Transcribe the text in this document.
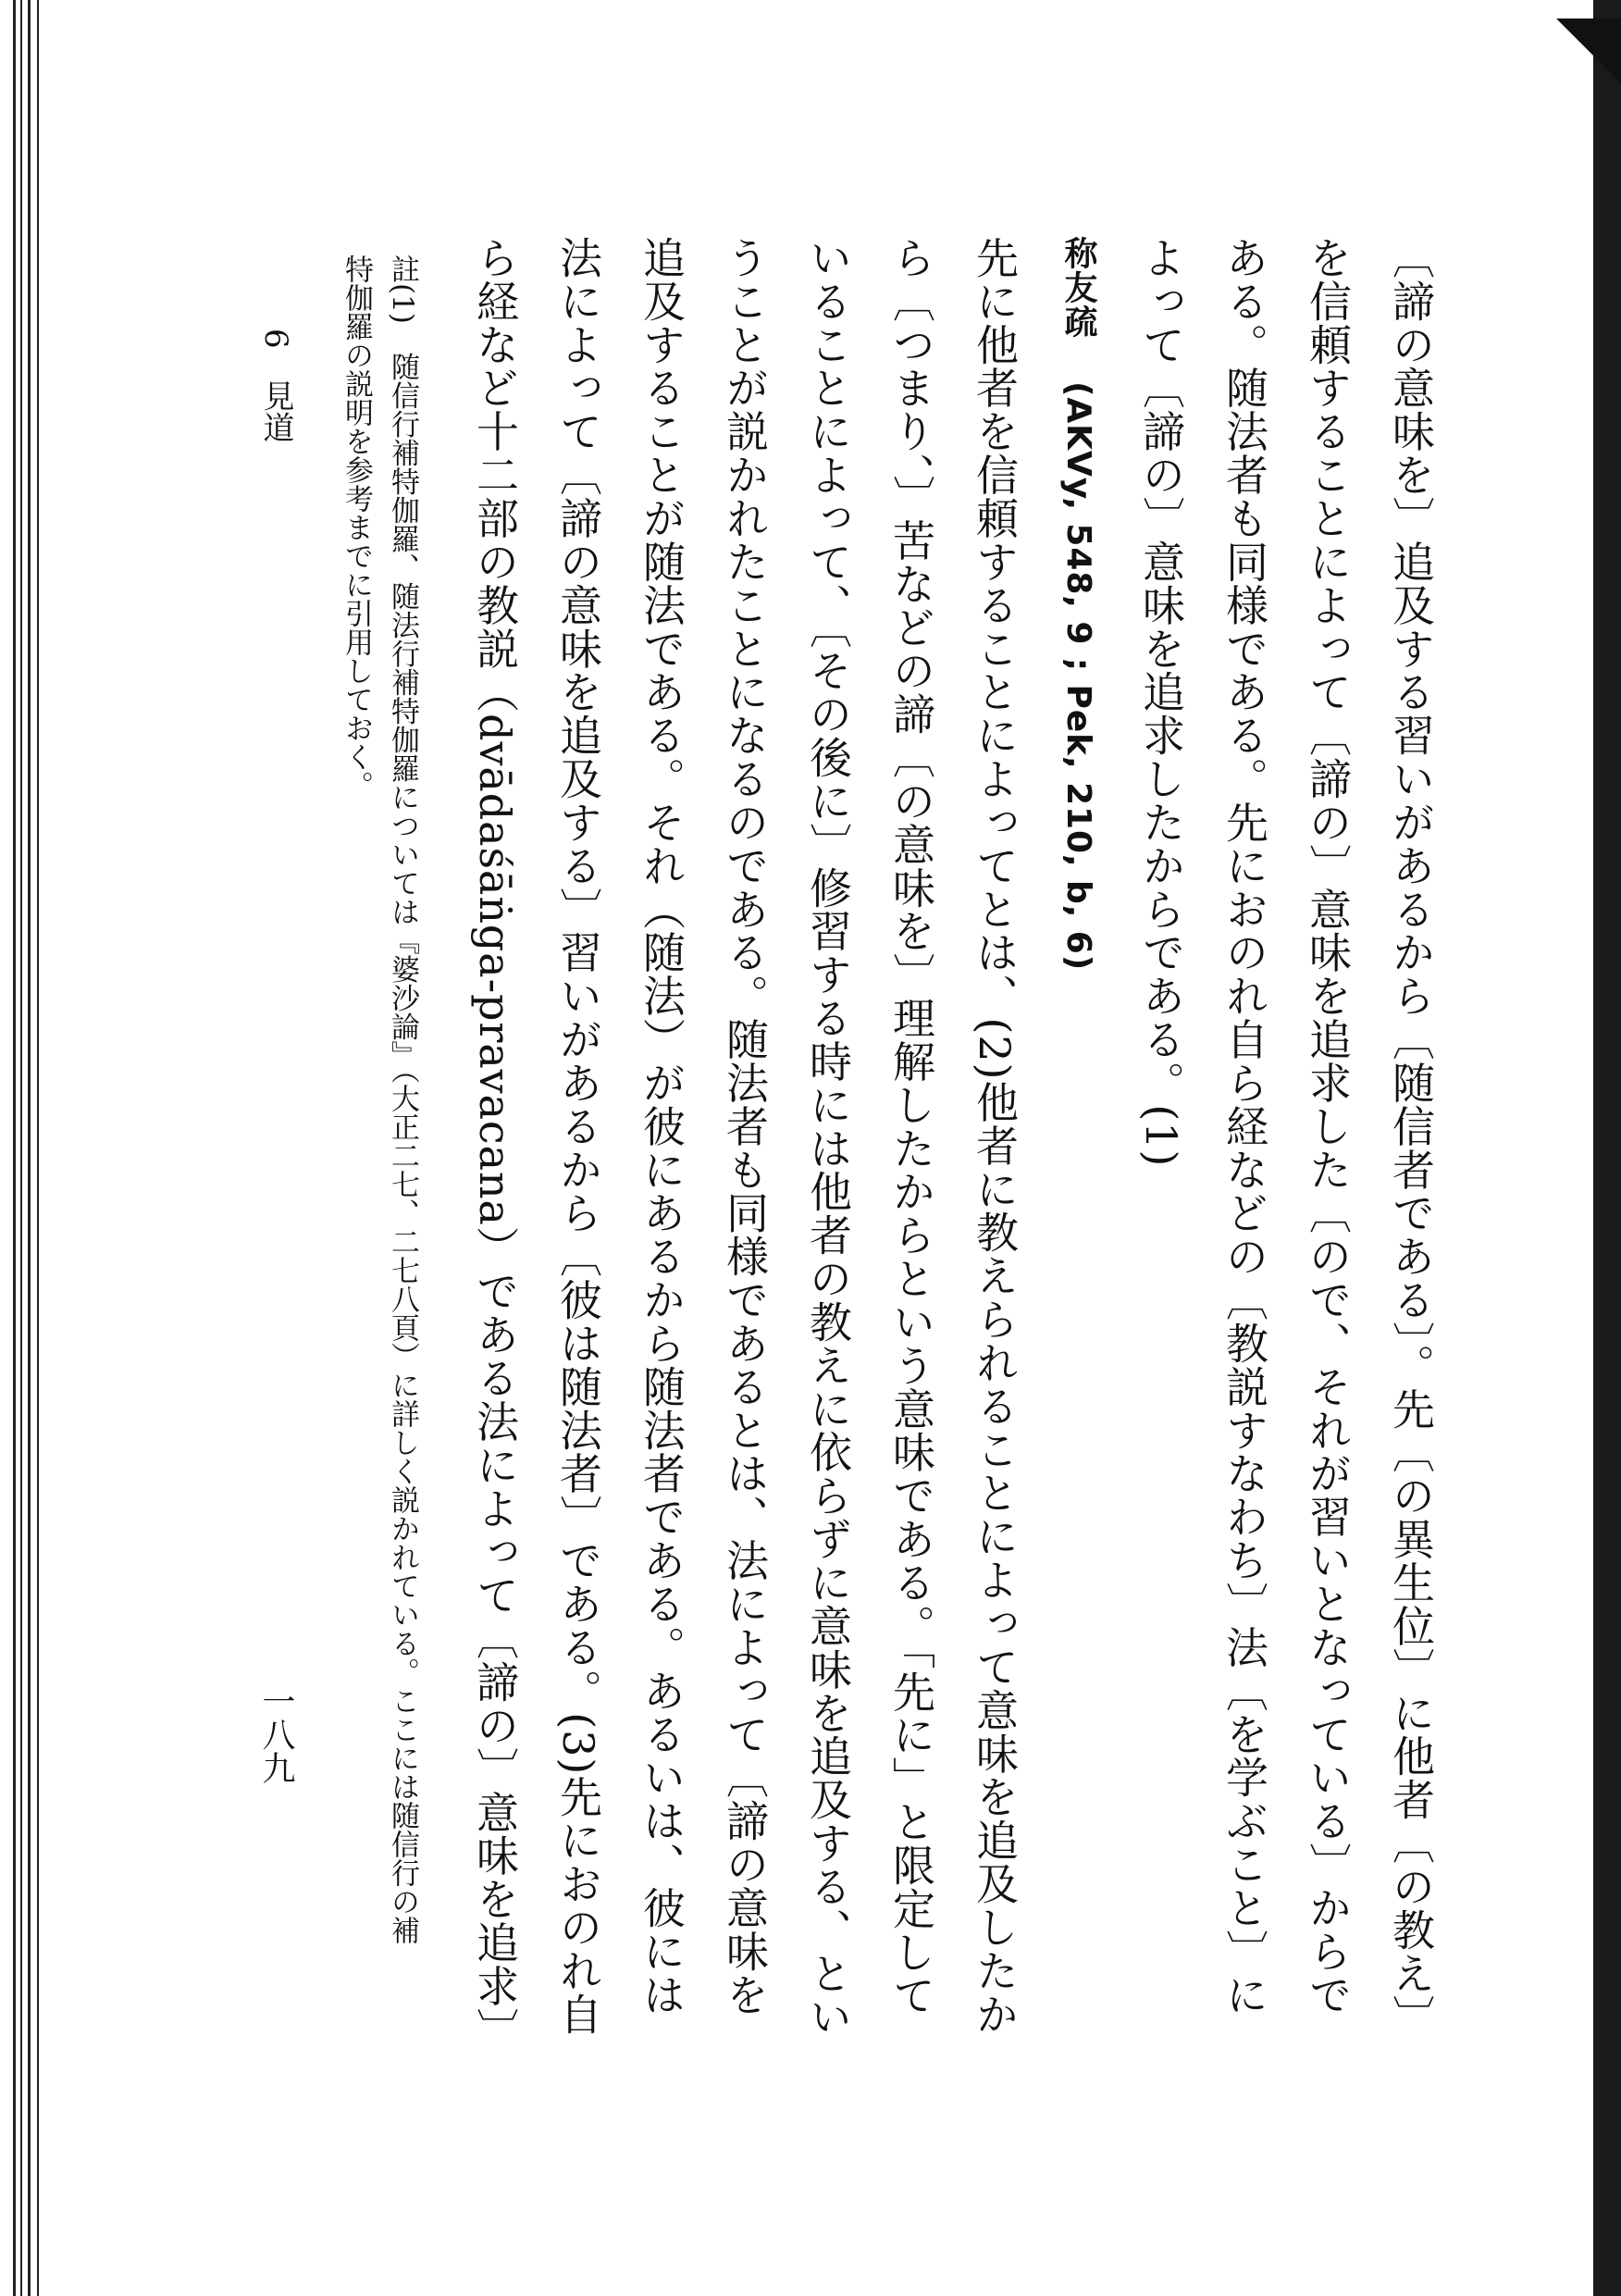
〔諦の意味を〕追及する習いがあるから〔随信者である〕。先〔の異生位〕に他者〔の教え〕を信頼することによって〔諦の〕意味を追求した〔ので、それが習いとなっている〕からである。随法者も同様である。先におのれ自ら経などの〔教説すなわち〕法〔を学ぶこと〕によって〔諦の〕意味を追求したからである。(1)

称友疏 (AKVy, 548, 9 ; Pek, 210, b, 6)

先に他者を信頼することによってとは、(2)他者に教えられることによって意味を追及したから〔つまり、〕苦などの諦〔の意味を〕理解したからという意味である。「先に」と限定していることによって、〔その後に〕修習する時には他者の教えに依らずに意味を追及する、ということが説かれたことになるのである。随法者も同様であるとは、法によって〔諦の意味を追及することが随法である。それ（随法）が彼にあるから随法者である。あるいは、彼には法によって〔諦の意味を追及する〕習いがあるから〔彼は随法者〕である。(3)先におのれ自ら経など十二部の教説（dvādaśāṅga-pravacana）である法によって〔諦の〕意味を追求〕

註(1)　随信行補特伽羅、随法行補特伽羅については『婆沙論』（大正二七、二七八頁）に詳しく説かれている。ここには随信行の補
特伽羅の説明を参考までに引用しておく。
6　見道
一八九
